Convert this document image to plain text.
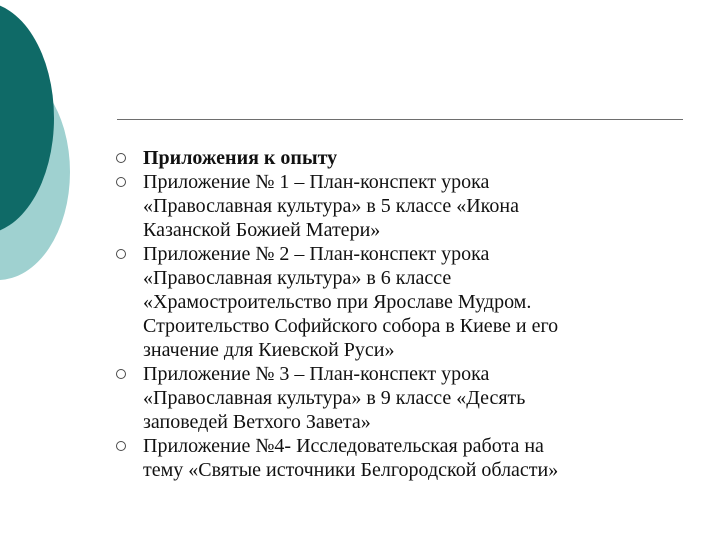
Приложения к опыту
Приложение № 1 – План-конспект урока
«Православная культура» в 5 классе «Икона
Казанской Божией Матери»
Приложение № 2 – План-конспект урока
«Православная культура» в 6 классе
«Храмостроительство при Ярославе Мудром.
Строительство Софийского собора в Киеве и его
значение для Киевской Руси»
Приложение № 3 – План-конспект урока
«Православная культура» в 9 классе «Десять
заповедей Ветхого Завета»
Приложение №4- Исследовательская работа на
тему «Святые источники Белгородской области»
